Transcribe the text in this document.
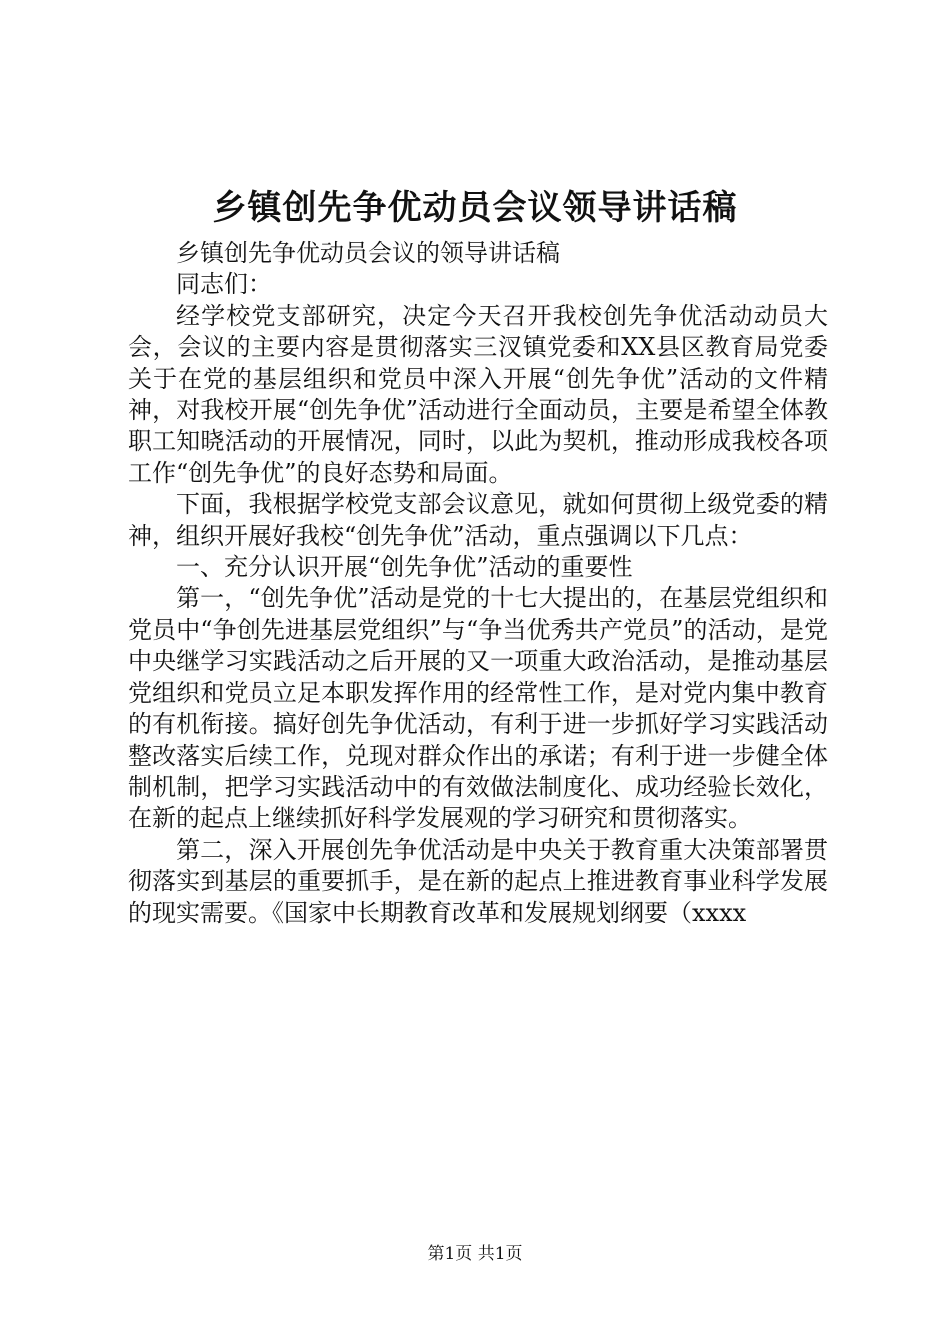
乡镇创先争优动员会议领导讲话稿

乡镇创先争优动员会议的领导讲话稿

同志们：

经学校党支部研究，决定今天召开我校创先争优活动动员大会，会议的主要内容是贯彻落实三汊镇党委和XX县区教育局党委关于在党的基层组织和党员中深入开展“创先争优”活动的文件精神，对我校开展“创先争优”活动进行全面动员，主要是希望全体教职工知晓活动的开展情况，同时，以此为契机，推动形成我校各项工作“创先争优”的良好态势和局面。

下面，我根据学校党支部会议意见，就如何贯彻上级党委的精神，组织开展好我校“创先争优”活动，重点强调以下几点：

一、充分认识开展“创先争优”活动的重要性

第一，“创先争优”活动是党的十七大提出的，在基层党组织和党员中“争创先进基层党组织”与“争当优秀共产党员”的活动，是党中央继学习实践活动之后开展的又一项重大政治活动，是推动基层党组织和党员立足本职发挥作用的经常性工作，是对党内集中教育的有机衔接。搞好创先争优活动，有利于进一步抓好学习实践活动整改落实后续工作，兑现对群众作出的承诺；有利于进一步健全体制机制，把学习实践活动中的有效做法制度化、成功经验长效化，在新的起点上继续抓好科学发展观的学习研究和贯彻落实。

第二，深入开展创先争优活动是中央关于教育重大决策部署贯彻落实到基层的重要抓手，是在新的起点上推进教育事业科学发展的现实需要。《国家中长期教育改革和发展规划纲要（xxxx

第1页 共1页
